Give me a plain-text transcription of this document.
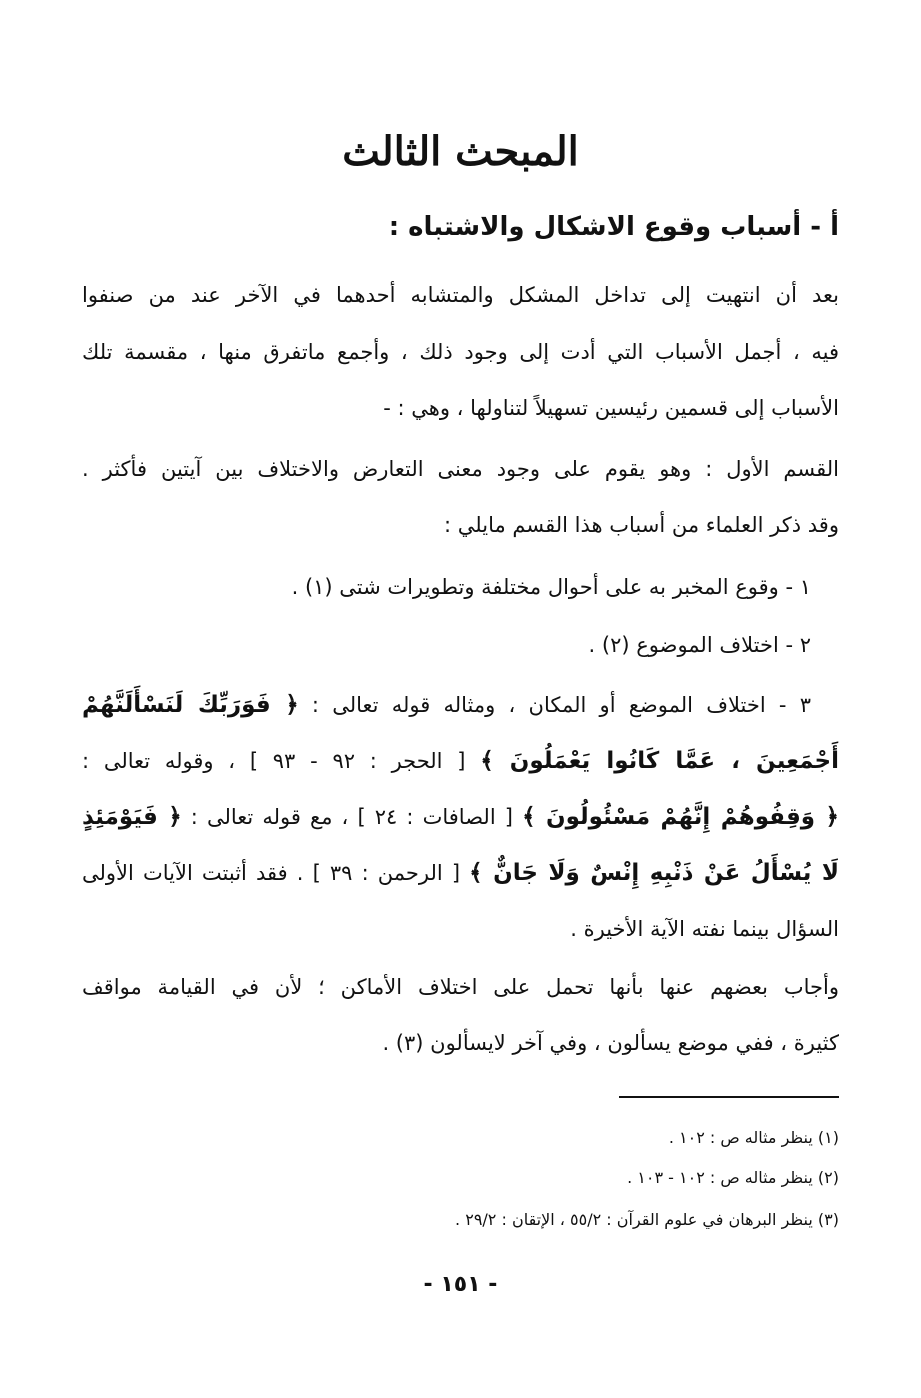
المبحث الثالث
أ - أسباب وقوع الاشكال والاشتباه :
بعد أن انتهيت إلى تداخل المشكل والمتشابه أحدهما في الآخر عند من صنفوا
فيه ، أجمل الأسباب التي أدت إلى وجود ذلك ، وأجمع ماتفرق منها ، مقسمة تلك
الأسباب إلى قسمين رئيسين تسهيلاً لتناولها ، وهي : -
القسم الأول : وهو يقوم على وجود معنى التعارض والاختلاف بين آيتين فأكثر .
وقد ذكر العلماء من أسباب هذا القسم مايلي :
١ - وقوع المخبر به على أحوال مختلفة وتطويرات شتى (١) .
٢ - اختلاف الموضوع (٢) .
٣ - اختلاف الموضع أو المكان ، ومثاله قوله تعالى : ﴿ فَوَرَبِّكَ لَنَسْأَلَنَّهُمْ
أَجْمَعِينَ ، عَمَّا كَانُوا يَعْمَلُونَ ﴾ [ الحجر : ٩٢ - ٩٣ ] ، وقوله تعالى :
﴿ وَقِفُوهُمْ إِنَّهُمْ مَسْئُولُونَ ﴾ [ الصافات : ٢٤ ] ، مع قوله تعالى : ﴿ فَيَوْمَئِذٍ
لَا يُسْأَلُ عَنْ ذَنْبِهِ إِنْسٌ وَلَا جَانٌّ ﴾ [ الرحمن : ٣٩ ] . فقد أثبتت الآيات الأولى
السؤال بينما نفته الآية الأخيرة .
وأجاب بعضهم عنها بأنها تحمل على اختلاف الأماكن ؛ لأن في القيامة مواقف
كثيرة ، ففي موضع يسألون ، وفي آخر لايسألون (٣) .
(١) ينظر مثاله ص : ١٠٢ .
(٢) ينظر مثاله ص : ١٠٢ - ١٠٣ .
(٣) ينظر البرهان في علوم القرآن : ٥٥/٢ ، الإتقان : ٢٩/٢ .
- ١٥١ -
